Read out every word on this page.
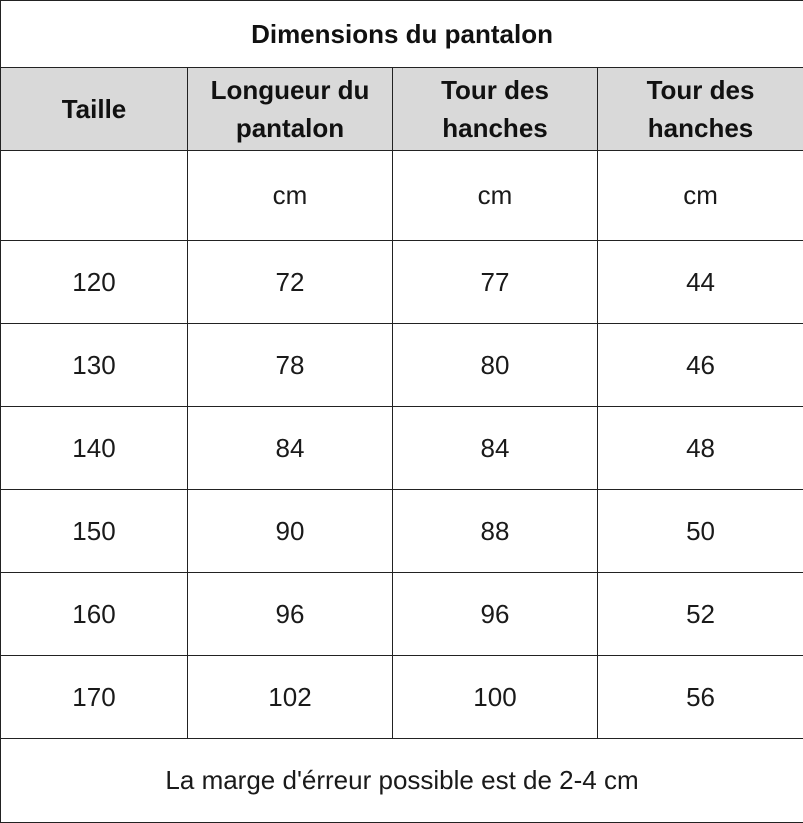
Dimensions du pantalon			
Taille	Longueur du pantalon	Tour des hanches	Tour des hanches
	cm	cm	cm
120	72	77	44
130	78	80	46
140	84	84	48
150	90	88	50
160	96	96	52
170	102	100	56
La marge d'érreur possible est de 2-4 cm			
